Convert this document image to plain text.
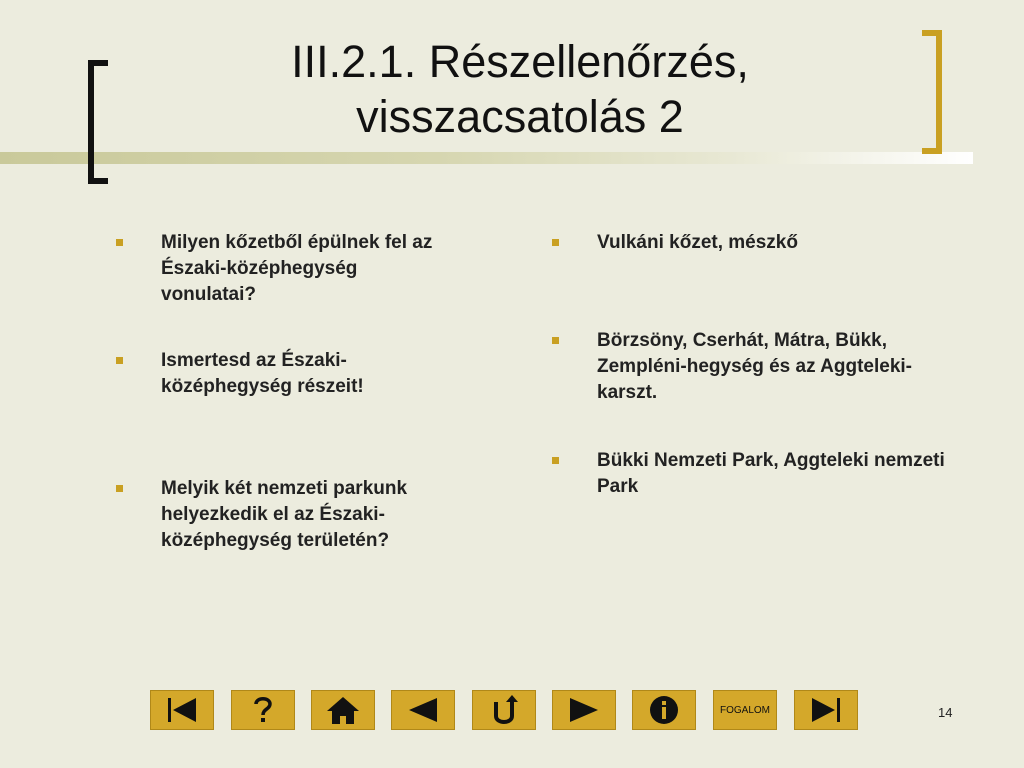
III.2.1. Részellenőrzés,
visszacsatolás 2
Milyen kőzetből épülnek fel az Északi-középhegység vonulatai?
Ismertesd az Északi-középhegység részeit!
Melyik két nemzeti parkunk helyezkedik el az Északi-középhegység területén?
Vulkáni kőzet, mészkő
Börzsöny, Cserhát, Mátra, Bükk, Zempléni-hegység és az Aggteleki-karszt.
Bükki Nemzeti Park, Aggteleki nemzeti Park
FOGALOM	14
